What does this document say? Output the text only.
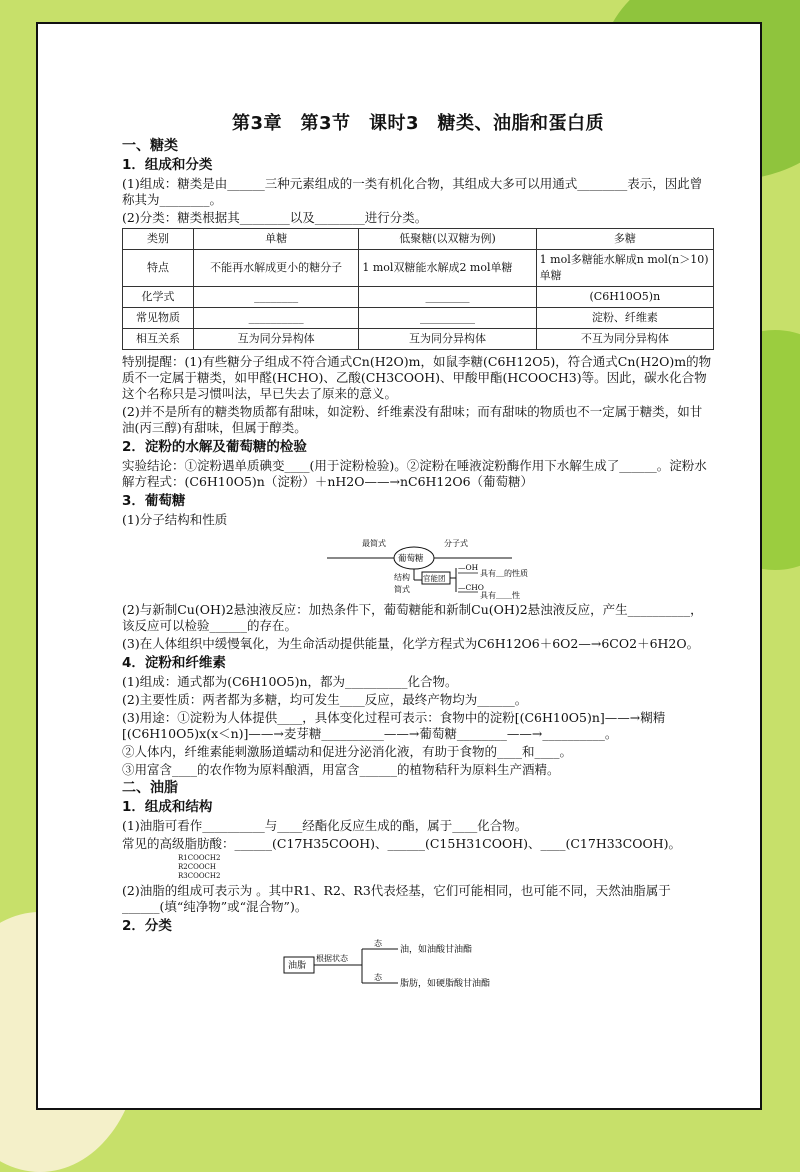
第3章　第3节　课时3　糖类、油脂和蛋白质
一、糖类
1．组成和分类
(1)组成：糖类是由______三种元素组成的一类有机化合物，其组成大多可以用通式________表示，因此曾称其为________。
(2)分类：糖类根据其________以及________进行分类。
类别	单糖	低聚糖(以双糖为例)	多糖
特点	不能再水解成更小的糖分子	1 mol双糖能水解成2 mol单糖	1 mol多糖能水解成n mol(n＞10)单糖
化学式	________	________	(C6H10O5)n
常见物质	__________	__________	淀粉、纤维素
相互关系	互为同分异构体	互为同分异构体	不互为同分异构体
特别提醒：(1)有些糖分子组成不符合通式Cn(H2O)m，如鼠李糖(C6H12O5)，符合通式Cn(H2O)m的物质不一定属于糖类，如甲醛(HCHO)、乙酸(CH3COOH)、甲酸甲酯(HCOOCH3)等。因此，碳水化合物这个名称只是习惯叫法，早已失去了原来的意义。
(2)并不是所有的糖类物质都有甜味，如淀粉、纤维素没有甜味；而有甜味的物质也不一定属于糖类，如甘油(丙三醇)有甜味，但属于醇类。
2．淀粉的水解及葡萄糖的检验
实验结论：①淀粉遇单质碘变____(用于淀粉检验)。②淀粉在唾液淀粉酶作用下水解生成了______。淀粉水解方程式：(C6H10O5)n（淀粉）＋nH2O——→nC6H12O6（葡萄糖）
3．葡萄糖
(1)分子结构和性质
最简式
葡萄糖
分子式
结构
简式
官能团
—OH
具有＿的性质
—CHO
具有＿＿性
(2)与新制Cu(OH)2悬浊液反应：加热条件下，葡萄糖能和新制Cu(OH)2悬浊液反应，产生__________，该反应可以检验______的存在。
(3)在人体组织中缓慢氧化，为生命活动提供能量，化学方程式为C6H12O6＋6O2—→6CO2＋6H2O。
4．淀粉和纤维素
(1)组成：通式都为(C6H10O5)n，都为__________化合物。
(2)主要性质：两者都为多糖，均可发生____反应，最终产物均为______。
(3)用途：①淀粉为人体提供____，具体变化过程可表示：食物中的淀粉[(C6H10O5)n]——→糊精[(C6H10O5)x(x＜n)]——→麦芽糖__________——→葡萄糖________——→__________。
②人体内，纤维素能刺激肠道蠕动和促进分泌消化液，有助于食物的____和____。
③用富含____的农作物为原料酿酒，用富含______的植物秸秆为原料生产酒精。
二、油脂
1．组成和结构
(1)油脂可看作__________与____经酯化反应生成的酯，属于____化合物。
常见的高级脂肪酸：______(C17H35COOH)、______(C15H31COOH)、____(C17H33COOH)。
R1COOCH2
R2COOCH
R3COOCH2
(2)油脂的组成可表示为 。其中R1、R2、R3代表烃基，它们可能相同，也可能不同，天然油脂属于______(填“纯净物”或“混合物”)。
2．分类
油脂
根据状态
态
态
油，如油酸甘油酯
脂肪，如硬脂酸甘油酯
